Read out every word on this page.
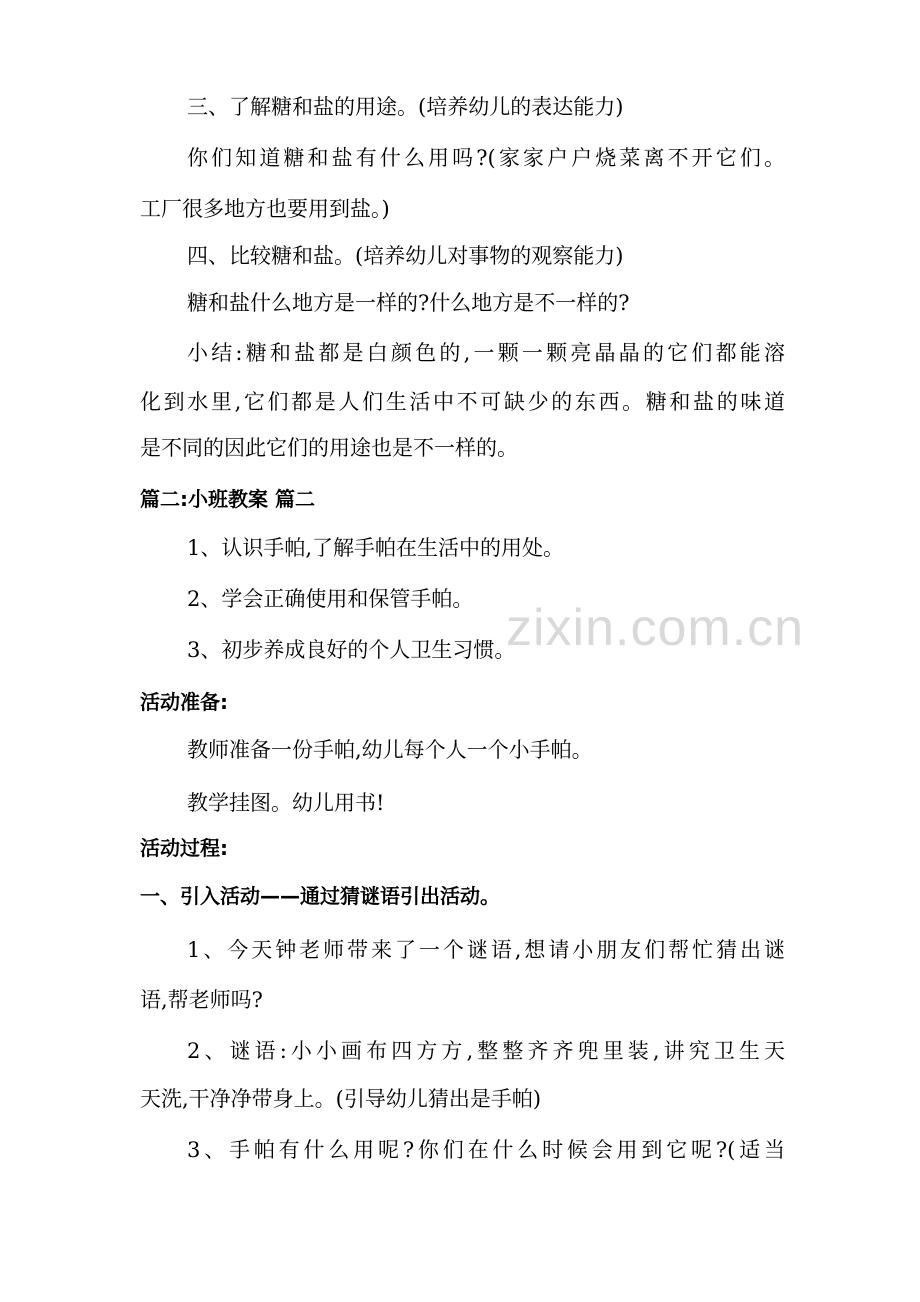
zixin.com.cn
三、了解糖和盐的用途。(培养幼儿的表达能力)
你们知道糖和盐有什么用吗?(家家户户烧菜离不开它们。
工厂很多地方也要用到盐。)
四、比较糖和盐。(培养幼儿对事物的观察能力)
糖和盐什么地方是一样的?什么地方是不一样的?
小结:糖和盐都是白颜色的,一颗一颗亮晶晶的它们都能溶
化到水里,它们都是人们生活中不可缺少的东西。糖和盐的味道
是不同的因此它们的用途也是不一样的。
篇二:小班教案 篇二
1、认识手帕,了解手帕在生活中的用处。
2、学会正确使用和保管手帕。
3、初步养成良好的个人卫生习惯。
活动准备:
教师准备一份手帕,幼儿每个人一个小手帕。
教学挂图。幼儿用书!
活动过程:
一、引入活动——通过猜谜语引出活动。
1、今天钟老师带来了一个谜语,想请小朋友们帮忙猜出谜
语,帮老师吗?
2、谜语:小小画布四方方,整整齐齐兜里装,讲究卫生天
天洗,干净净带身上。(引导幼儿猜出是手帕)
3、手帕有什么用呢?你们在什么时候会用到它呢?(适当
